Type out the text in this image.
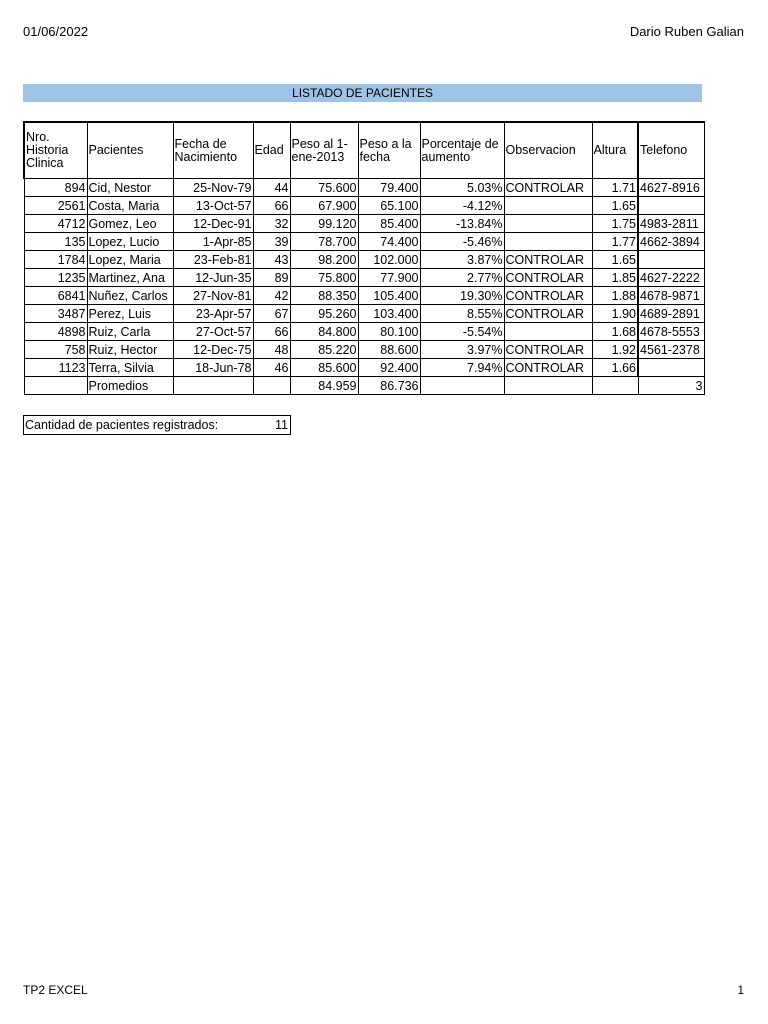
01/06/2022	Dario Ruben Galian
LISTADO DE PACIENTES
Nro. Historia Clinica	Pacientes	Fecha de Nacimiento	Edad	Peso al 1-ene-2013	Peso a la fecha	Porcentaje de aumento	Observacion	Altura	Telefono
894	Cid, Nestor	25-Nov-79	44	75.600	79.400	5.03%	CONTROLAR	1.71	4627-8916
2561	Costa, Maria	13-Oct-57	66	67.900	65.100	-4.12%		1.65	
4712	Gomez, Leo	12-Dec-91	32	99.120	85.400	-13.84%		1.75	4983-2811
135	Lopez, Lucio	1-Apr-85	39	78.700	74.400	-5.46%		1.77	4662-3894
1784	Lopez, Maria	23-Feb-81	43	98.200	102.000	3.87%	CONTROLAR	1.65	
1235	Martinez, Ana	12-Jun-35	89	75.800	77.900	2.77%	CONTROLAR	1.85	4627-2222
6841	Nuñez, Carlos	27-Nov-81	42	88.350	105.400	19.30%	CONTROLAR	1.88	4678-9871
3487	Perez, Luis	23-Apr-57	67	95.260	103.400	8.55%	CONTROLAR	1.90	4689-2891
4898	Ruiz, Carla	27-Oct-57	66	84.800	80.100	-5.54%		1.68	4678-5553
758	Ruiz, Hector	12-Dec-75	48	85.220	88.600	3.97%	CONTROLAR	1.92	4561-2378
1123	Terra, Silvia	18-Jun-78	46	85.600	92.400	7.94%	CONTROLAR	1.66	
	Promedios			84.959	86.736				3
Cantidad de pacientes registrados:	11
TP2 EXCEL	1
